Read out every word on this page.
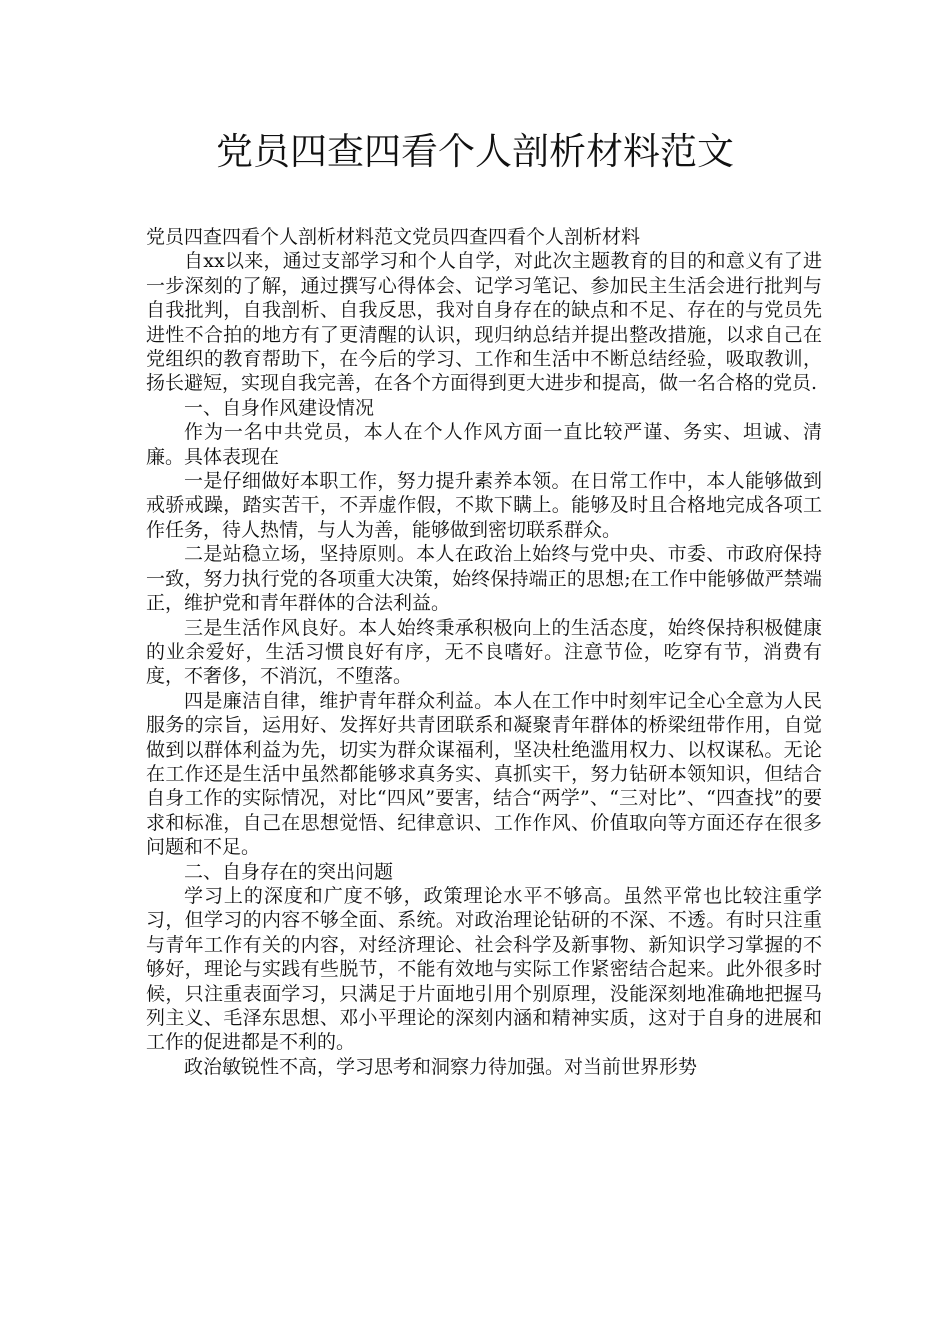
党员四查四看个人剖析材料范文

党员四查四看个人剖析材料范文党员四查四看个人剖析材料

自xx以来，通过支部学习和个人自学，对此次主题教育的目的和意义有了进一步深刻的了解，通过撰写心得体会、记学习笔记、参加民主生活会进行批判与自我批判，自我剖析、自我反思，我对自身存在的缺点和不足、存在的与党员先进性不合拍的地方有了更清醒的认识，现归纳总结并提出整改措施，以求自己在党组织的教育帮助下，在今后的学习、工作和生活中不断总结经验，吸取教训，扬长避短，实现自我完善，在各个方面得到更大进步和提高，做一名合格的党员.

一、自身作风建设情况

作为一名中共党员，本人在个人作风方面一直比较严谨、务实、坦诚、清廉。具体表现在

一是仔细做好本职工作，努力提升素养本领。在日常工作中，本人能够做到戒骄戒躁，踏实苦干，不弄虚作假，不欺下瞒上。能够及时且合格地完成各项工作任务，待人热情，与人为善，能够做到密切联系群众。

二是站稳立场，坚持原则。本人在政治上始终与党中央、市委、市政府保持一致，努力执行党的各项重大决策，始终保持端正的思想;在工作中能够做严禁端正，维护党和青年群体的合法利益。

三是生活作风良好。本人始终秉承积极向上的生活态度，始终保持积极健康的业余爱好，生活习惯良好有序，无不良嗜好。注意节俭，吃穿有节，消费有度，不奢侈，不消沉，不堕落。

四是廉洁自律，维护青年群众利益。本人在工作中时刻牢记全心全意为人民服务的宗旨，运用好、发挥好共青团联系和凝聚青年群体的桥梁纽带作用，自觉做到以群体利益为先，切实为群众谋福利，坚决杜绝滥用权力、以权谋私。无论在工作还是生活中虽然都能够求真务实、真抓实干，努力钻研本领知识，但结合自身工作的实际情况，对比“四风”要害，结合“两学”、“三对比”、“四查找”的要求和标准，自己在思想觉悟、纪律意识、工作作风、价值取向等方面还存在很多问题和不足。

二、自身存在的突出问题

学习上的深度和广度不够，政策理论水平不够高。虽然平常也比较注重学习，但学习的内容不够全面、系统。对政治理论钻研的不深、不透。有时只注重与青年工作有关的内容，对经济理论、社会科学及新事物、新知识学习掌握的不够好，理论与实践有些脱节，不能有效地与实际工作紧密结合起来。此外很多时候，只注重表面学习，只满足于片面地引用个别原理，没能深刻地准确地把握马列主义、毛泽东思想、邓小平理论的深刻内涵和精神实质，这对于自身的进展和工作的促进都是不利的。

政治敏锐性不高，学习思考和洞察力待加强。对当前世界形势
